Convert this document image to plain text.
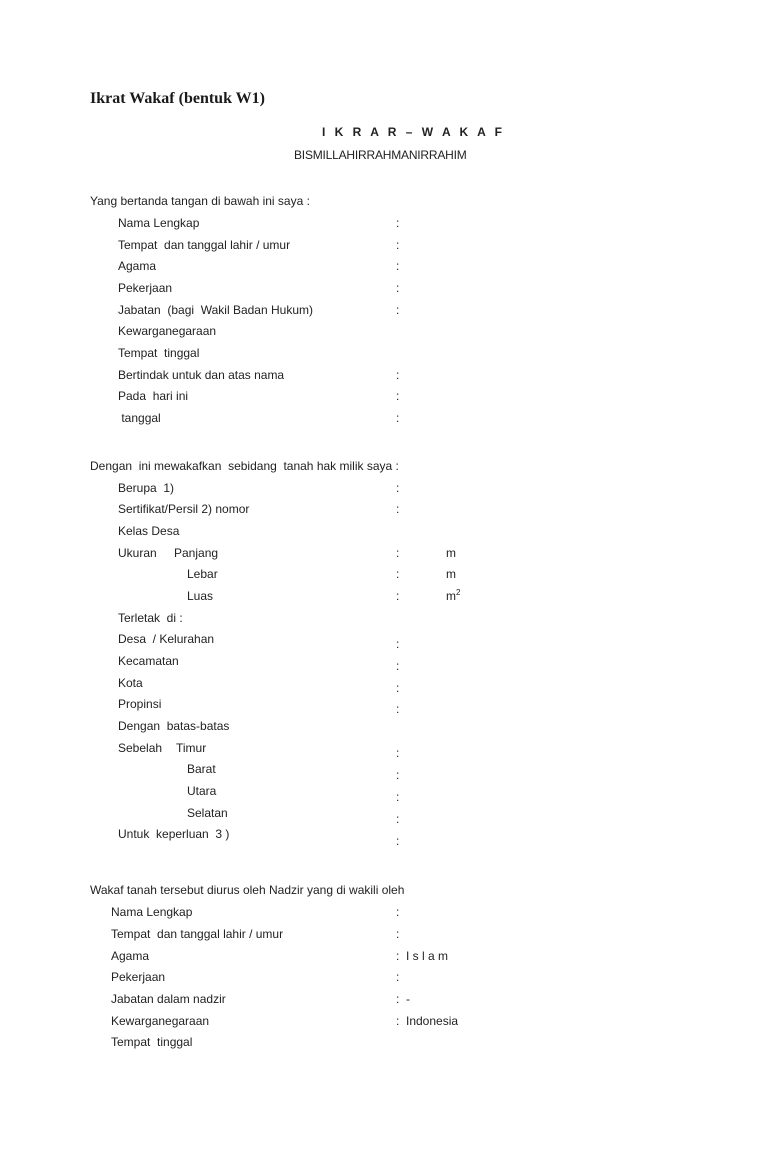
Ikrat Wakaf (bentuk W1)
I K R A R – W A K A F
BISMILLAHIRRAHMANIRRAHIM
Yang bertanda tangan di bawah ini saya :
Nama Lengkap	:
Tempat  dan tanggal lahir / umur	:
Agama	:
Pekerjaan	:
Jabatan  (bagi  Wakil Badan Hukum)	:
Kewarganegaraan
Tempat  tinggal
Bertindak untuk dan atas nama	:
Pada  hari ini	:
tanggal	:
Dengan  ini mewakafkan  sebidang  tanah hak milik saya :
Berupa  1)	:
Sertifikat/Persil 2) nomor	:
Kelas Desa
Ukuran Panjang	:	m
Lebar	:	m
Luas	:	$m^2$
Terletak  di :
Desa  / Kelurahan	:
Kecamatan	:
Kota	:
Propinsi	:
Dengan  batas-batas
Sebelah Timur	:
Barat	:
Utara	:
Selatan	:
Untuk  keperluan  3 )	:
Wakaf tanah tersebut diurus oleh Nadzir yang di wakili oleh
Nama Lengkap	:
Tempat  dan tanggal lahir / umur	:
Agama	:  I s l a m
Pekerjaan	:
Jabatan dalam nadzir	:  -
Kewarganegaraan	:  Indonesia
Tempat  tinggal
